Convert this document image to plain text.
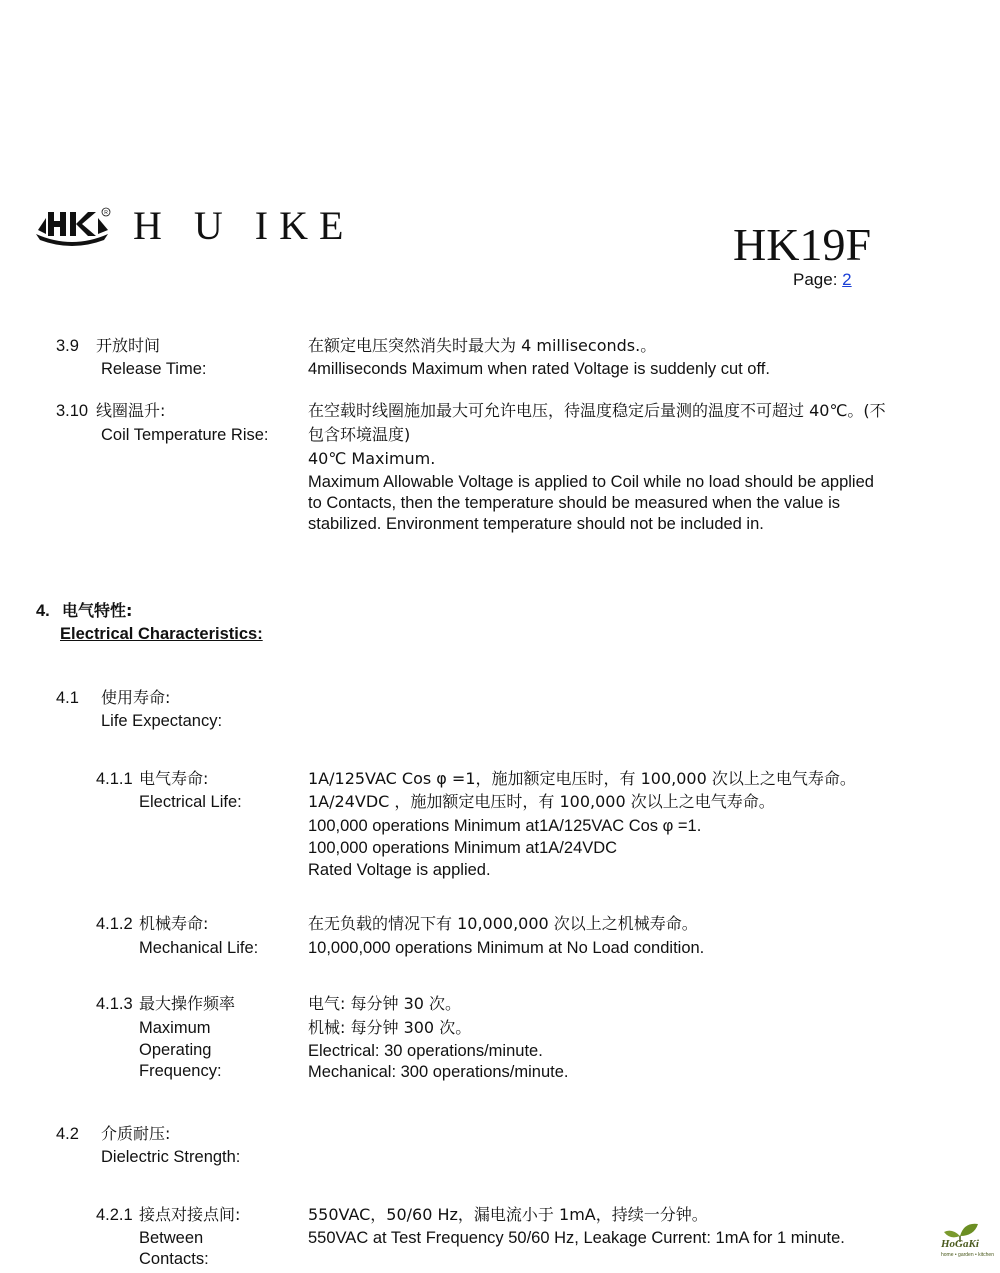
R H U IKE	HK19F
Page: 2
3.9 开放时间
Release Time:
在额定电压突然消失时最大为 4 milliseconds.。
4milliseconds Maximum when rated Voltage is suddenly cut off.
3.10 线圈温升:
Coil Temperature Rise:
在空载时线圈施加最大可允许电压，待温度稳定后量测的温度不可超过 40℃。(不
包含环境温度)
40℃ Maximum.
Maximum Allowable Voltage is applied to Coil while no load should be applied
to Contacts, then the temperature should be measured when the value is
stabilized. Environment temperature should not be included in.
4. 电气特性:
Electrical Characteristics:
4.1 使用寿命:
Life Expectancy:
4.1.1 电气寿命:
Electrical Life:
1A/125VAC Cos φ =1，施加额定电压时，有 100,000 次以上之电气寿命。
1A/24VDC ，施加额定电压时，有 100,000 次以上之电气寿命。
100,000 operations Minimum at1A/125VAC Cos φ =1.
100,000 operations Minimum at1A/24VDC
Rated Voltage is applied.
4.1.2 机械寿命:
Mechanical Life:
在无负载的情况下有 10,000,000 次以上之机械寿命。
10,000,000 operations Minimum at No Load condition.
4.1.3 最大操作频率
Maximum
Operating
Frequency:
电气: 每分钟 30 次。
机械: 每分钟 300 次。
Electrical: 30 operations/minute.
Mechanical: 300 operations/minute.
4.2 介质耐压:
Dielectric Strength:
4.2.1 接点对接点间:
Between
Contacts:
550VAC，50/60 Hz，漏电流小于 1mA，持续一分钟。
550VAC at Test Frequency 50/60 Hz, Leakage Current: 1mA for 1 minute.	HoGaKi
home • garden • kitchen
